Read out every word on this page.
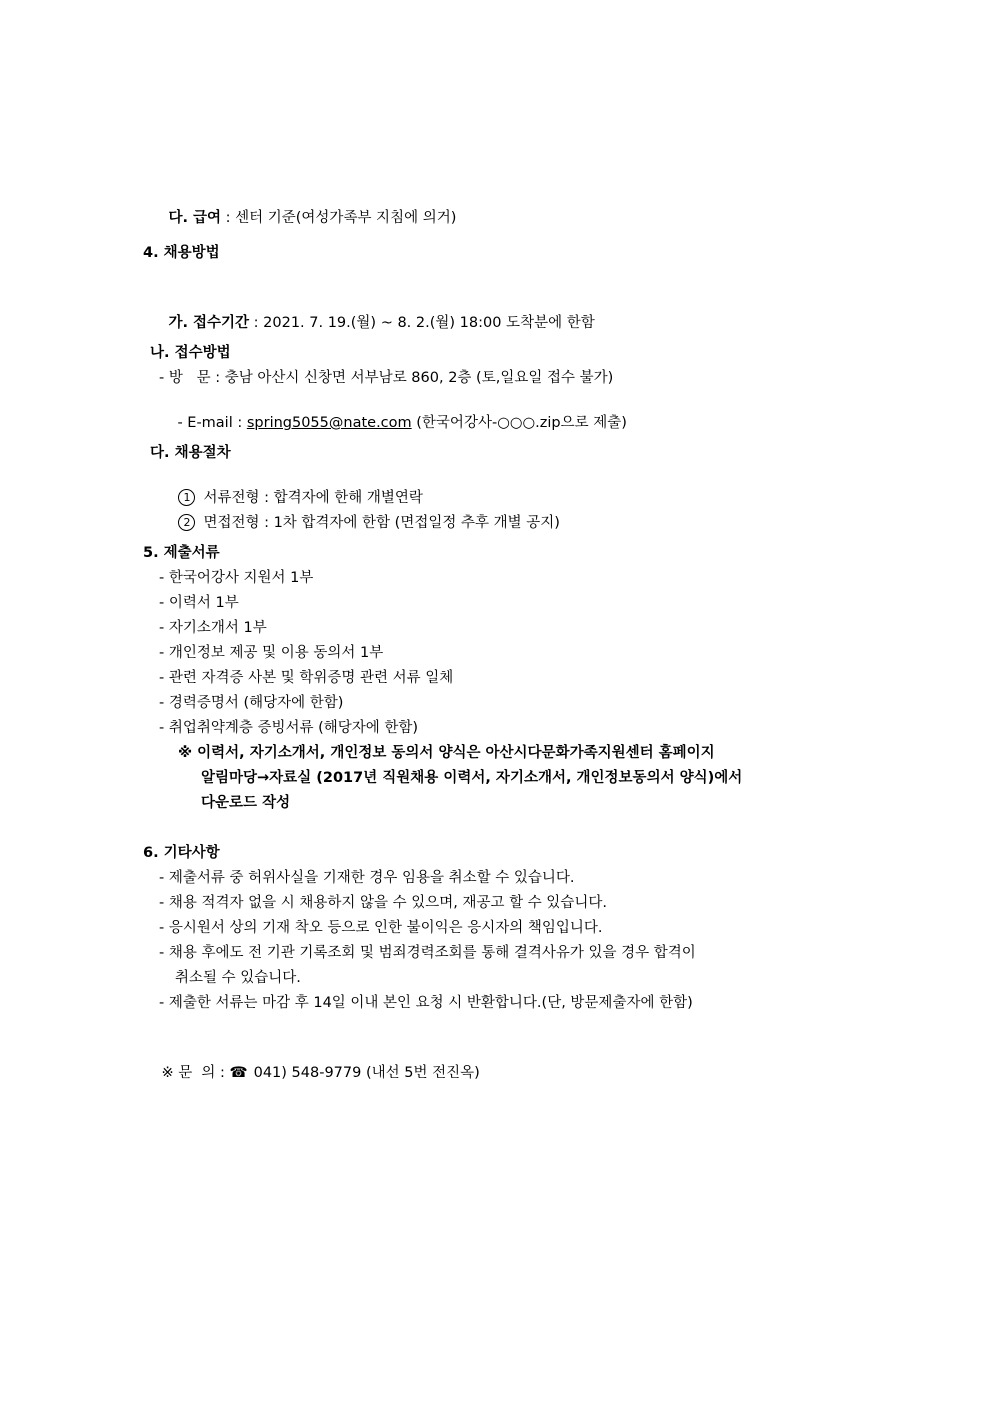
다. 급여 : 센터 기준(여성가족부 지침에 의거)

4. 채용방법

가. 접수기간 : 2021. 7. 19.(월) ~ 8. 2.(월) 18:00 도착분에 한함

나. 접수방법
- 방   문 : 충남 아산시 신창면 서부남로 860, 2층 (토,일요일 접수 불가)

- E-mail : spring5055@nate.com (한국어강사-○○○.zip으로 제출)

다. 채용절차

1 서류전형 : 합격자에 한해 개별연락

2 면접전형 : 1차 합격자에 한함 (면접일정 추후 개별 공지)

5. 제출서류
- 한국어강사 지원서 1부
- 이력서 1부
- 자기소개서 1부
- 개인정보 제공 및 이용 동의서 1부
- 관련 자격증 사본 및 학위증명 관련 서류 일체
- 경력증명서 (해당자에 한함)
- 취업취약계층 증빙서류 (해당자에 한함)
※ 이력서, 자기소개서, 개인정보 동의서 양식은 아산시다문화가족지원센터 홈페이지
알림마당→자료실 (2017년 직원채용 이력서, 자기소개서, 개인정보동의서 양식)에서
다운로드 작성
6. 기타사항
- 제출서류 중 허위사실을 기재한 경우 임용을 취소할 수 있습니다.
- 채용 적격자 없을 시 채용하지 않을 수 있으며, 재공고 할 수 있습니다.
- 응시원서 상의 기재 착오 등으로 인한 불이익은 응시자의 책임입니다.
- 채용 후에도 전 기관 기록조회 및 범죄경력조회를 통해 결격사유가 있을 경우 합격이
취소될 수 있습니다.
- 제출한 서류는 마감 후 14일 이내 본인 요청 시 반환합니다.(단, 방문제출자에 한함)

※ 문  의 : ☎ 041) 548-9779 (내선 5번 전진옥)
